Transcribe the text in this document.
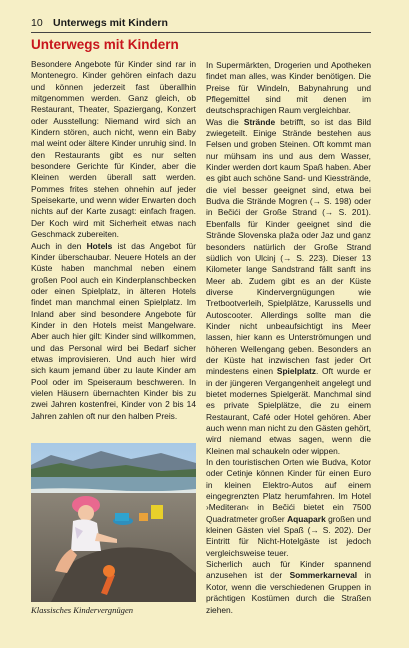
10 Unterwegs mit Kindern
Unterwegs mit Kindern

Besondere Angebote für Kinder sind rar in Montenegro. Kinder gehören einfach dazu und können jederzeit fast überallhin mitgenommen werden. Ganz gleich, ob Restaurant, Theater, Spaziergang, Konzert oder Ausstellung: Niemand wird sich an Kindern stören, auch nicht, wenn ein Baby mal weint oder ältere Kinder unruhig sind. In den Restaurants gibt es nur selten besondere Gerichte für Kinder, aber die Kleinen werden überall satt werden. Pommes frites stehen ohnehin auf jeder Speisekarte, und wenn wider Erwarten doch nichts auf der Karte zusagt: einfach fragen. Der Koch wird mit Sicherheit etwas nach Geschmack zubereiten.

Auch in den Hotels ist das Angebot für Kinder überschaubar. Neuere Hotels an der Küste haben manchmal neben einem großen Pool auch ein Kinderplanschbecken oder einen Spielplatz, in älteren Hotels findet man manchmal einen Spielplatz. Im Inland aber sind besondere Angebote für Kinder in den Hotels meist Mangelware. Aber auch hier gilt: Kinder sind willkommen, und das Personal wird bei Bedarf sicher etwas improvisieren. Und auch hier wird sich kaum jemand über zu laute Kinder am Pool oder im Speiseraum beschweren. In vielen Häusern übernachten Kinder bis zu zwei Jahren kostenfrei, Kinder von 2 bis 14 Jahren zahlen oft nur den halben Preis.

Klassisches Kindervergnügen

In Supermärkten, Drogerien und Apotheken findet man alles, was Kinder benötigen. Die Preise für Windeln, Babynahrung und Pflegemittel sind mit denen im deutschsprachigen Raum vergleichbar.

Was die Strände betrifft, so ist das Bild zwiegeteilt. Einige Strände bestehen aus Felsen und groben Steinen. Oft kommt man nur mühsam ins und aus dem Wasser, Kinder werden dort kaum Spaß haben. Aber es gibt auch schöne Sand- und Kiesstrände, die viel besser geeignet sind, etwa bei Budva die Strände Mogren (→ S. 198) oder in Bečići der Große Strand (→ S. 201). Ebenfalls für Kinder geeignet sind die Strände Slovenska plaža oder Jaz und ganz besonders natürlich der Große Strand südlich von Ulcinj (→ S. 223). Dieser 13 Kilometer lange Sandstrand fällt sanft ins Meer ab. Zudem gibt es an der Küste diverse Kindervergnügungen wie Tretbootverleih, Spielplätze, Karussells und Autoscooter. Allerdings sollte man die Kinder nicht unbeaufsichtigt ins Meer lassen, hier kann es Unterströmungen und höheren Wellengang geben. Besonders an der Küste hat inzwischen fast jeder Ort mindestens einen Spielplatz. Oft wurde er in der jüngeren Vergangenheit angelegt und bietet modernes Spielgerät. Manchmal sind es private Spielplätze, die zu einem Restaurant, Café oder Hotel gehören. Aber auch wenn man nicht zu den Gästen gehört, wird niemand etwas sagen, wenn die Kleinen mal schaukeln oder wippen.

In den touristischen Orten wie Budva, Kotor oder Cetinje können Kinder für einen Euro in kleinen Elektro-Autos auf einem eingegrenzten Platz herumfahren. Im Hotel ›Mediteran‹ in Bečići bietet ein 7500 Quadratmeter großer Aquapark großen und kleinen Gästen viel Spaß (→ S. 202). Der Eintritt für Nicht-Hotelgäste ist jedoch vergleichsweise teuer.

Sicherlich auch für Kinder spannend anzusehen ist der Sommerkarneval in Kotor, wenn die verschiedenen Gruppen in prächtigen Kostümen durch die Straßen ziehen.
